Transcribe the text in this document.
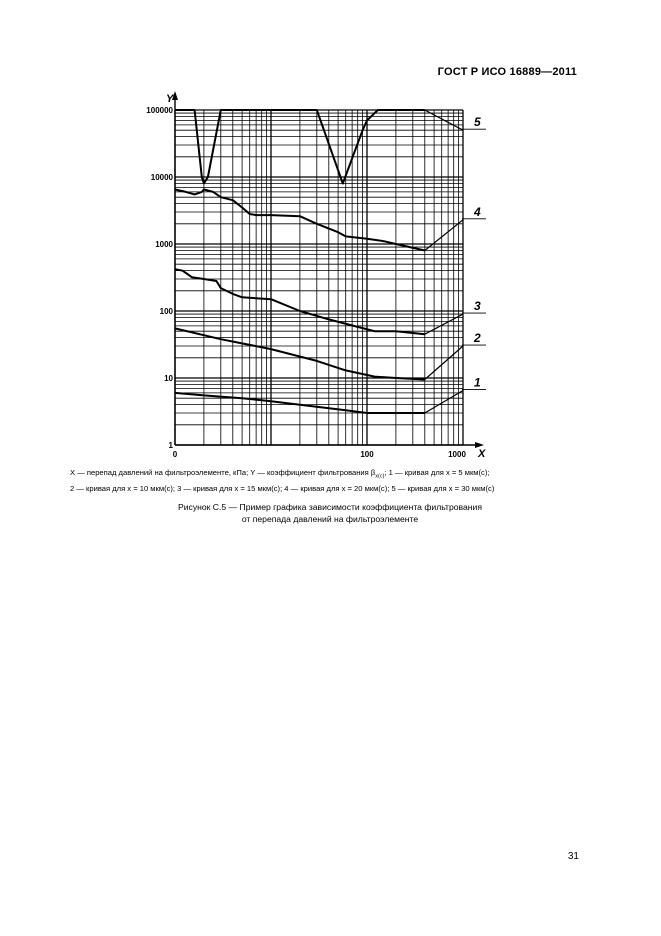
ГОСТ Р ИСО 16889—2011
Y
X
1
10
100
1000
10000
100000
0	100	1000
1
2
3
4
5
X — перепад давлений на фильтроэлементе, кПа; Y — коэффициент фильтрования $\beta_{x(c)}$; 1 — кривая для x = 5 мкм(с);
2 — кривая для x = 10 мкм(с); 3 — кривая для x = 15 мкм(с); 4 — кривая для x = 20 мкм(с); 5 — кривая для x = 30 мкм(с)
Рисунок С.5 — Пример графика зависимости коэффициента фильтрования
от перепада давлений на фильтроэлементе
31
